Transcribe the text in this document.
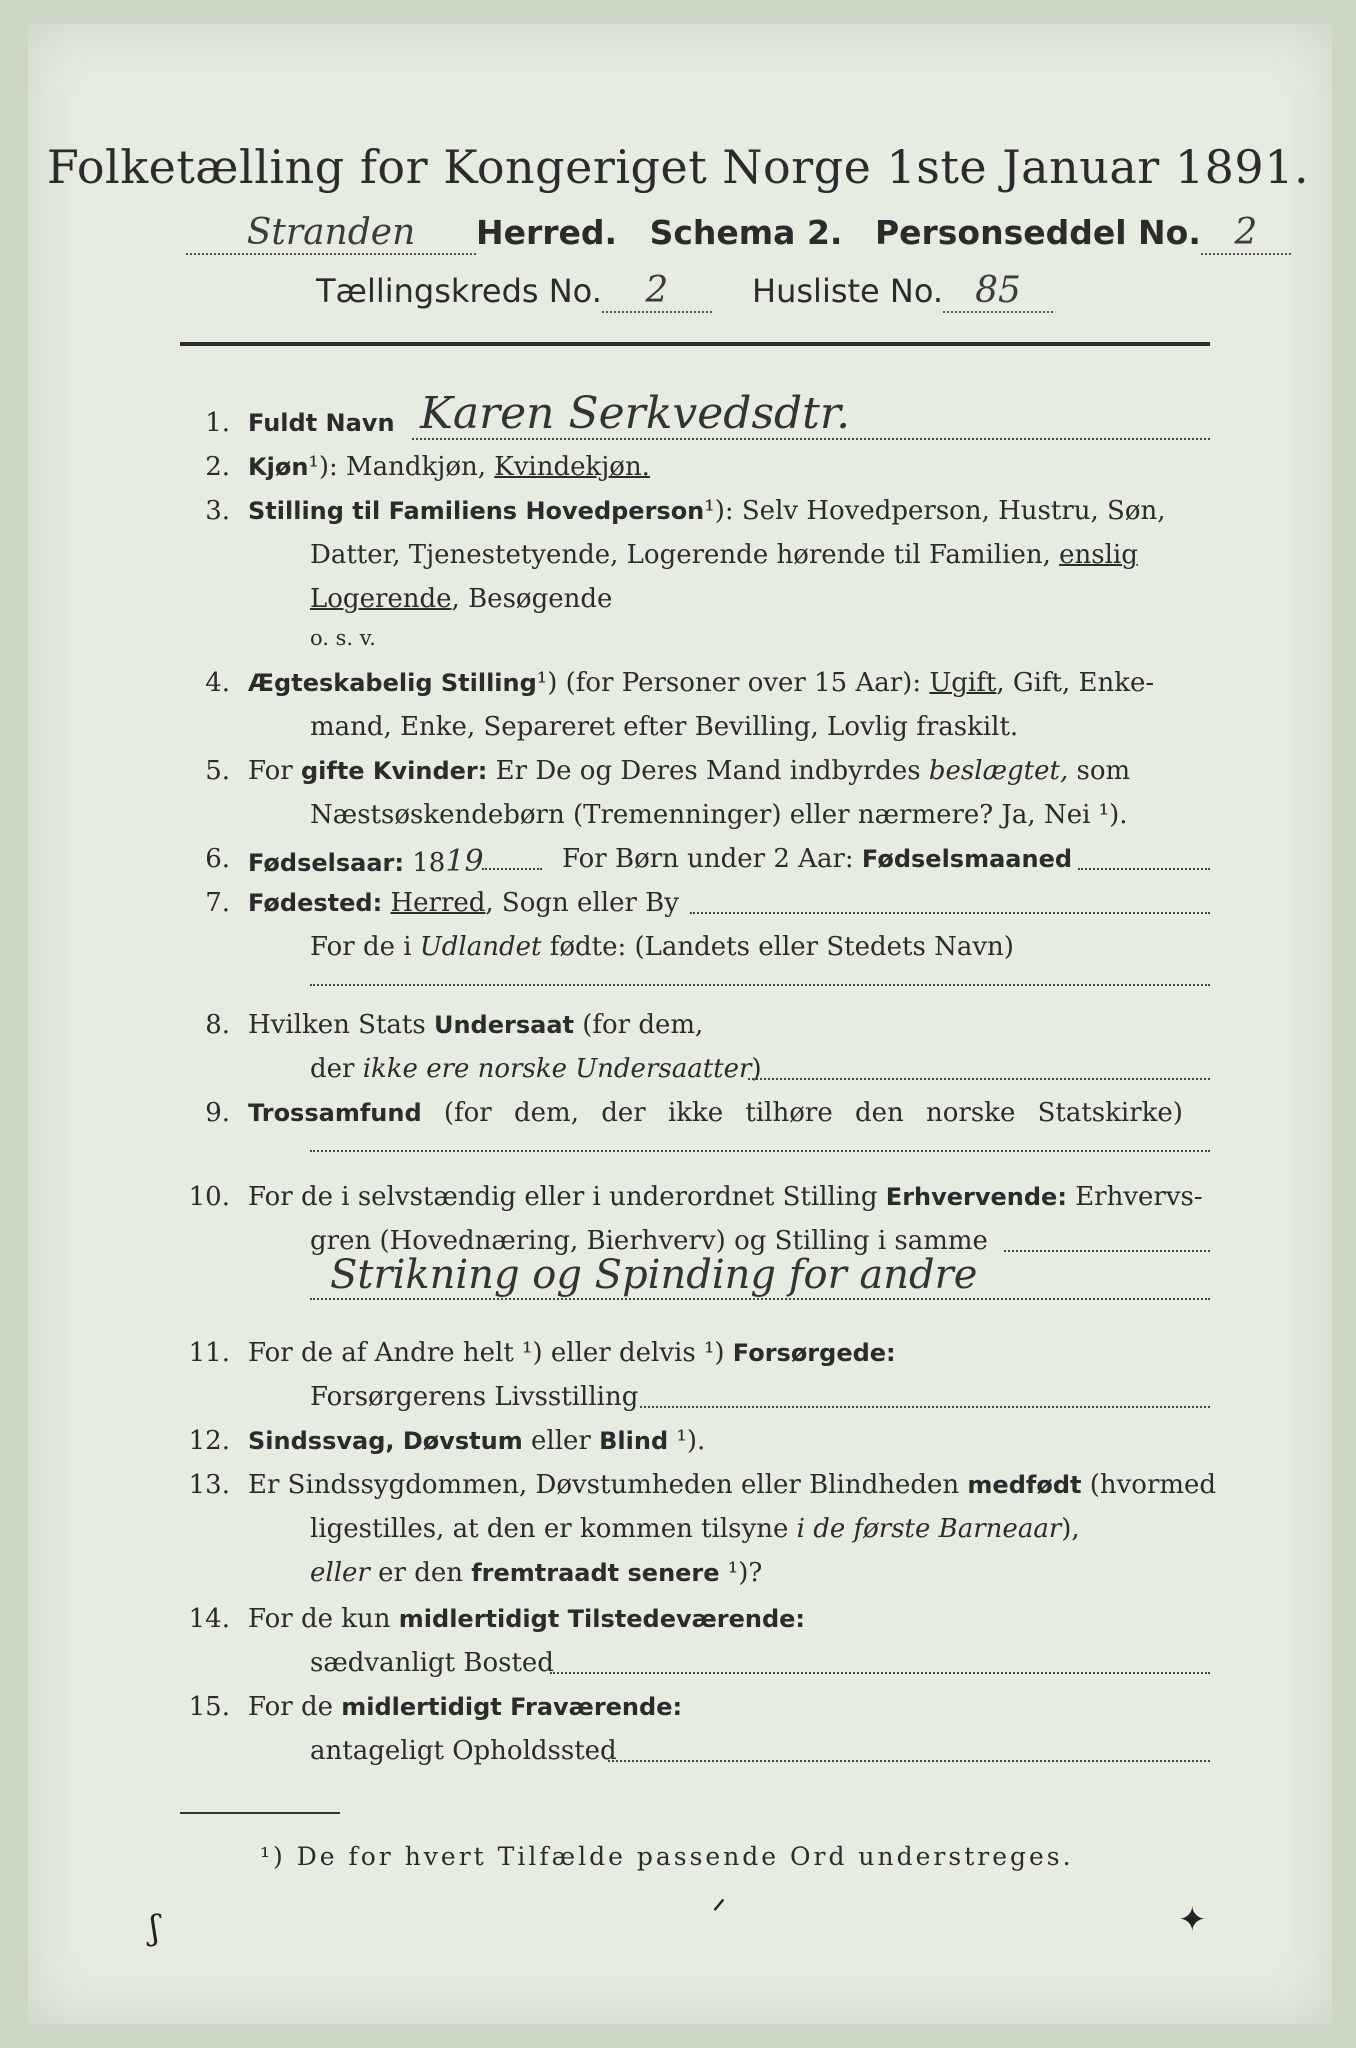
Folketælling for Kongeriget Norge 1ste Januar 1891.
Stranden Herred. Schema 2. Personseddel No. 2
Tællingskreds No. 2	Husliste No. 85
1. Fuldt Navn Karen Serkvedsdtr.
2. Kjøn¹): Mandkjøn, Kvindekjøn.
3. Stilling til Familiens Hovedperson¹): Selv Hovedperson, Hustru, Søn,
Datter, Tjenestetyende, Logerende hørende til Familien, enslig
Logerende, Besøgende
o. s. v.
4. Ægteskabelig Stilling¹) (for Personer over 15 Aar): Ugift, Gift, Enke-
mand, Enke, Separeret efter Bevilling, Lovlig fraskilt.
5. For gifte Kvinder: Er De og Deres Mand indbyrdes beslægtet, som
Næstsøskendebørn (Tremenninger) eller nærmere? Ja, Nei ¹).
6. Fødselsaar: 1819	For Børn under 2 Aar: Fødselsmaaned
7. Fødested: Herred, Sogn eller By
For de i Udlandet fødte: (Landets eller Stedets Navn)
8. Hvilken Stats Undersaat (for dem,
der ikke ere norske Undersaatter)
9. Trossamfund (for dem, der ikke tilhøre den norske Statskirke)
10. For de i selvstændig eller i underordnet Stilling Erhvervende: Erhvervs-
gren (Hovednæring, Bierhverv) og Stilling i samme
Strikning og Spinding for andre
11. For de af Andre helt ¹) eller delvis ¹) Forsørgede:
Forsørgerens Livsstilling
12. Sindssvag, Døvstum eller Blind ¹).
13. Er Sindssygdommen, Døvstumheden eller Blindheden medfødt (hvormed
ligestilles, at den er kommen tilsyne i de første Barneaar),
eller er den fremtraadt senere ¹)?
14. For de kun midlertidigt Tilstedeværende:
sædvanligt Bosted
15. For de midlertidigt Fraværende:
antageligt Opholdssted
¹) De for hvert Tilfælde passende Ord understreges.
ʃ	ᐟ	✦
